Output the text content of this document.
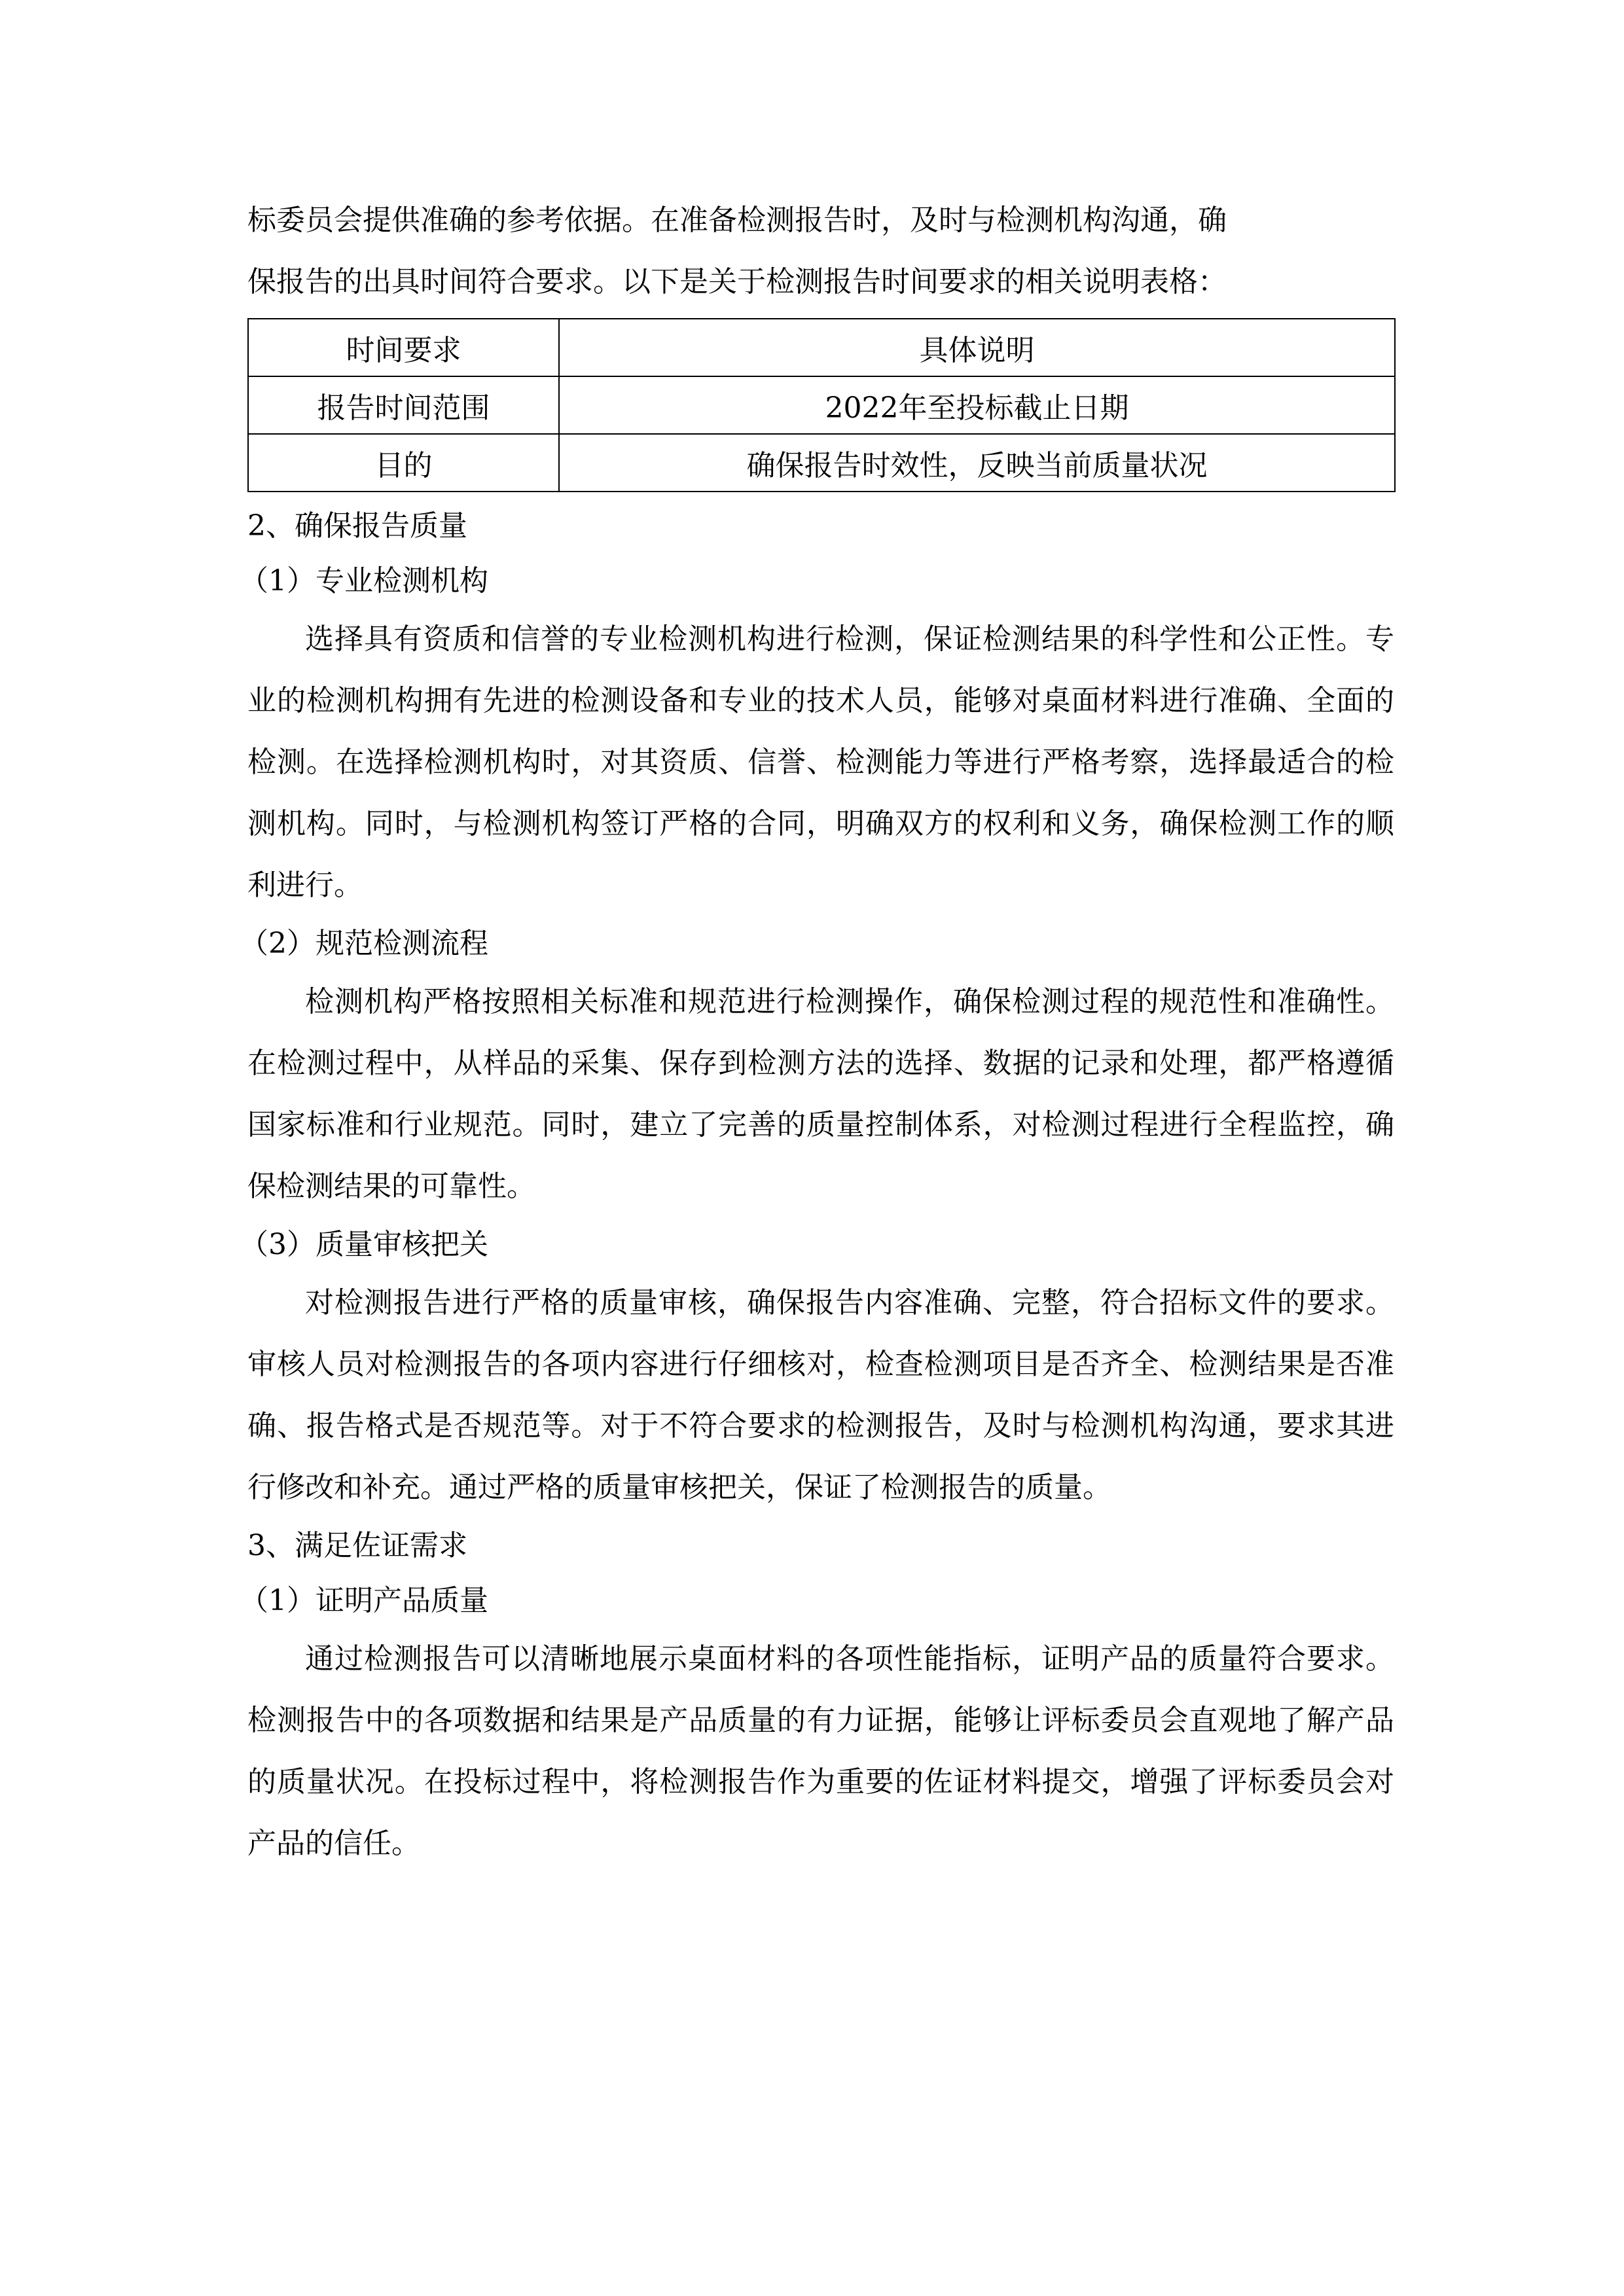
标委员会提供准确的参考依据。在准备检测报告时，及时与检测机构沟通，确
保报告的出具时间符合要求。以下是关于检测报告时间要求的相关说明表格：

时间要求	具体说明
报告时间范围	2022年至投标截止日期
目的	确保报告时效性，反映当前质量状况

2、确保报告质量

（1）专业检测机构

选择具有资质和信誉的专业检测机构进行检测，保证检测结果的科学性和公正性。专业的检测机构拥有先进的检测设备和专业的技术人员，能够对桌面材料进行准确、全面的检测。在选择检测机构时，对其资质、信誉、检测能力等进行严格考察，选择最适合的检测机构。同时，与检测机构签订严格的合同，明确双方的权利和义务，确保检测工作的顺利进行。

（2）规范检测流程

检测机构严格按照相关标准和规范进行检测操作，确保检测过程的规范性和准确性。在检测过程中，从样品的采集、保存到检测方法的选择、数据的记录和处理，都严格遵循国家标准和行业规范。同时，建立了完善的质量控制体系，对检测过程进行全程监控，确保检测结果的可靠性。

（3）质量审核把关

对检测报告进行严格的质量审核，确保报告内容准确、完整，符合招标文件的要求。审核人员对检测报告的各项内容进行仔细核对，检查检测项目是否齐全、检测结果是否准确、报告格式是否规范等。对于不符合要求的检测报告，及时与检测机构沟通，要求其进行修改和补充。通过严格的质量审核把关，保证了检测报告的质量。

3、满足佐证需求

（1）证明产品质量

通过检测报告可以清晰地展示桌面材料的各项性能指标，证明产品的质量符合要求。检测报告中的各项数据和结果是产品质量的有力证据，能够让评标委员会直观地了解产品的质量状况。在投标过程中，将检测报告作为重要的佐证材料提交，增强了评标委员会对产品的信任。
